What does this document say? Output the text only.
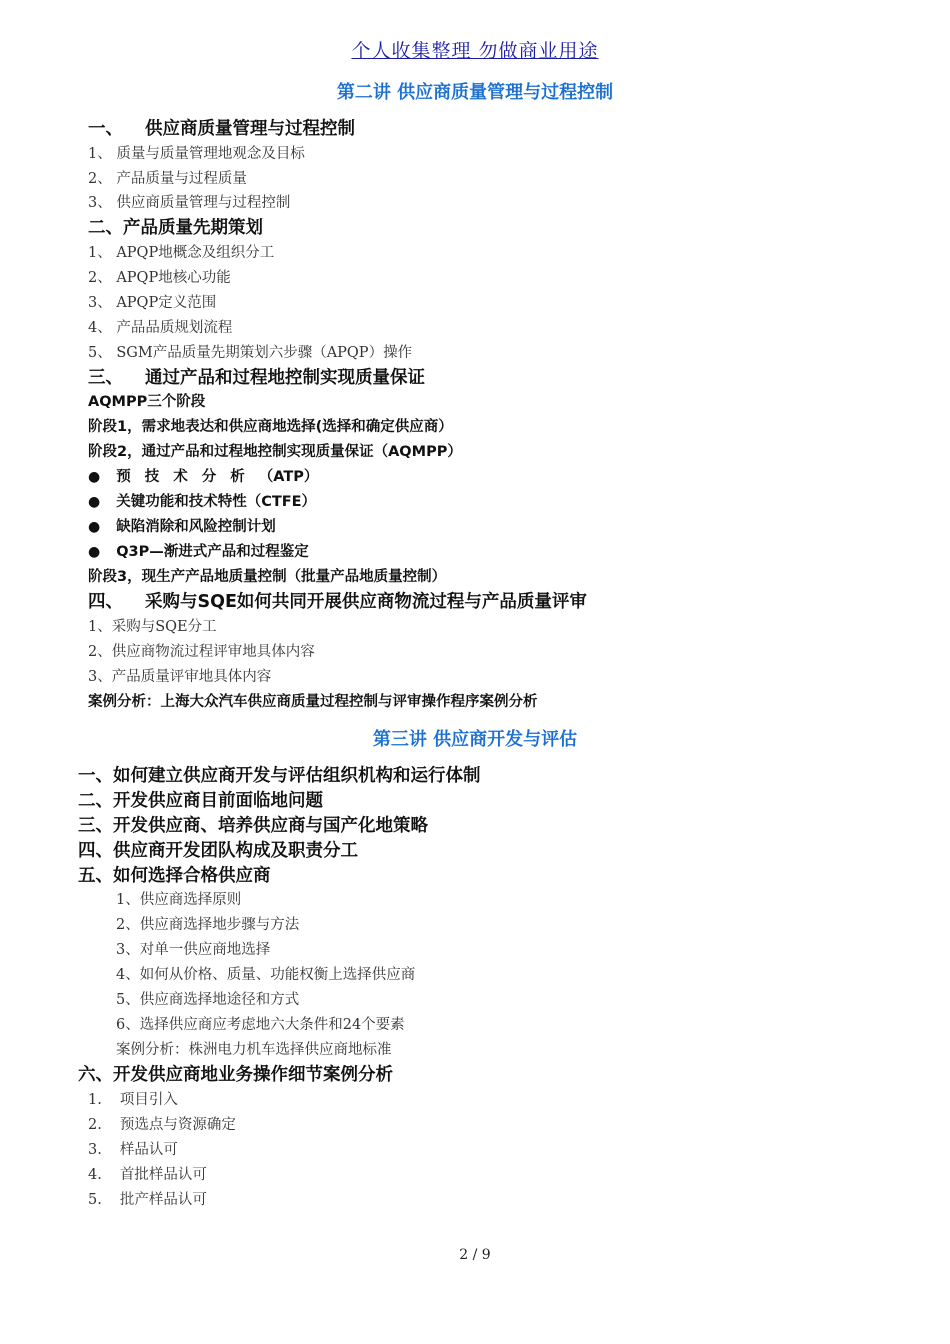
个人收集整理 勿做商业用途
第二讲 供应商质量管理与过程控制
一、 供应商质量管理与过程控制
1、 质量与质量管理地观念及目标
2、 产品质量与过程质量
3、 供应商质量管理与过程控制
二、产品质量先期策划
1、 APQP地概念及组织分工
2、 APQP地核心功能
3、 APQP定义范围
4、 产品品质规划流程
5、 SGM产品质量先期策划六步骤（APQP）操作
三、 通过产品和过程地控制实现质量保证
AQMPP三个阶段
阶段1，需求地表达和供应商地选择(选择和确定供应商）
阶段2，通过产品和过程地控制实现质量保证（AQMPP）
● 预技术分析（ATP）
● 关键功能和技术特性（CTFE）
● 缺陷消除和风险控制计划
● Q3P—渐进式产品和过程鉴定
阶段3，现生产产品地质量控制（批量产品地质量控制）
四、 采购与SQE如何共同开展供应商物流过程与产品质量评审
1、采购与SQE分工
2、供应商物流过程评审地具体内容
3、产品质量评审地具体内容
案例分析：上海大众汽车供应商质量过程控制与评审操作程序案例分析
第三讲 供应商开发与评估
一、如何建立供应商开发与评估组织机构和运行体制
二、开发供应商目前面临地问题
三、开发供应商、培养供应商与国产化地策略
四、供应商开发团队构成及职责分工
五、如何选择合格供应商
1、供应商选择原则
2、供应商选择地步骤与方法
3、对单一供应商地选择
4、如何从价格、质量、功能权衡上选择供应商
5、供应商选择地途径和方式
6、选择供应商应考虑地六大条件和24个要素
案例分析：株洲电力机车选择供应商地标准
六、开发供应商地业务操作细节案例分析
1. 项目引入
2. 预选点与资源确定
3. 样品认可
4. 首批样品认可
5. 批产样品认可
2 / 9
